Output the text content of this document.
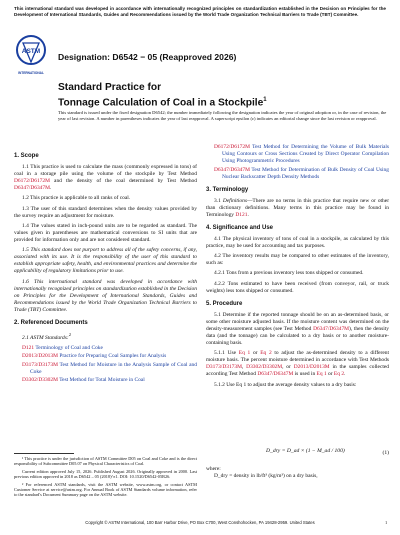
This international standard was developed in accordance with internationally recognized principles on standardization established in the Decision on Principles for the Development of International Standards, Guides and Recommendations issued by the World Trade Organization Technical Barriers to Trade (TBT) Committee.
ASTM
INTERNATIONAL
Designation: D6542 − 05 (Reapproved 2026)
Standard Practice for
Tonnage Calculation of Coal in a Stockpile$^1$
This standard is issued under the fixed designation D6542; the number immediately following the designation indicates the year of original adoption or, in the case of revision, the year of last revision. A number in parentheses indicates the year of last reapproval. A superscript epsilon (ε) indicates an editorial change since the last revision or reapproval.
1. Scope

1.1 This practice is used to calculate the mass (commonly expressed in tons) of coal in a storage pile using the volume of the stockpile by Test Method D6172/D6172M and the density of the coal determined by Test Method D6347/D6347M.

1.2 This practice is applicable to all ranks of coal.

1.3 The user of this standard determines when the density values provided by the survey require an adjustment for moisture.

1.4 The values stated in inch-pound units are to be regarded as standard. The values given in parentheses are mathematical conversions to SI units that are provided for information only and are not considered standard.

1.5 This standard does not purport to address all of the safety concerns, if any, associated with its use. It is the responsibility of the user of this standard to establish appropriate safety, health, and environmental practices and determine the applicability of regulatory limitations prior to use.

1.6 This international standard was developed in accordance with internationally recognized principles on standardization established in the Decision on Principles for the Development of International Standards, Guides and Recommendations issued by the World Trade Organization Technical Barriers to Trade (TBT) Committee.

2. Referenced Documents

2.1 ASTM Standards:$^2$

D121 Terminology of Coal and Coke
D2013/D2013M Practice for Preparing Coal Samples for Analysis
D3173/D3173M Test Method for Moisture in the Analysis Sample of Coal and Coke
D3302/D3302M Test Method for Total Moisture in Coal

¹ This practice is under the jurisdiction of ASTM Committee D05 on Coal and Coke and is the direct responsibility of Subcommittee D05.07 on Physical Characteristics of Coal.

Current edition approved July 15, 2026. Published August 2026. Originally approved in 2000. Last previous edition approved in 2018 as D6542 – 05 (2018)^ε1. DOI: 10.1520/D6542-05R26.

² For referenced ASTM standards, visit the ASTM website, www.astm.org, or contact ASTM Customer Service at service@astm.org. For Annual Book of ASTM Standards volume information, refer to the standard's Document Summary page on the ASTM website.

D6172/D6172M Test Method for Determining the Volume of Bulk Materials Using Contours or Cross Sections Created by Direct Operator Compilation Using Photogrammetric Procedures
D6347/D6347M Test Method for Determination of Bulk Density of Coal Using Nuclear Backscatter Depth Density Methods
3. Terminology

3.1 Definitions—There are no terms in this practice that require new or other than dictionary definitions. Many terms in this practice may be found in Terminology D121.

4. Significance and Use

4.1 The physical inventory of tons of coal in a stockpile, as calculated by this practice, may be used for accounting and tax purposes.

4.2 The inventory results may be compared to other estimates of the inventory, such as:

4.2.1 Tons from a previous inventory less tons shipped or consumed.

4.2.2 Tons estimated to have been received (from conveyor, rail, or truck weights) less tons shipped or consumed.

5. Procedure

5.1 Determine if the reported tonnage should be on an as-determined basis, or some other moisture adjusted basis. If the moisture content was determined on the density-measurement samples (see Test Method D6347/D6347M), then the density data (and the tonnage) can be calculated to a dry basis or to another moisture-containing basis.

5.1.1 Use Eq 1 or Eq 2 to adjust the as-determined density to a different moisture basis. The percent moisture determined in accordance with Test Methods D3173/D3173M, D3302/D3302M, or D2013/D2013M in the samples collected according Test Method D6347/D6347M is used in Eq 1 or Eq 2.

5.1.2 Use Eq 1 to adjust the average density values to a dry basis:

D_dry = D_ad × (1 − M_ad / 100)	(1)
where:
D_dry = density in lb/ft³ (kg/m³) on a dry basis,
Copyright © ASTM International, 100 Barr Harbor Drive, PO Box C700, West Conshohocken, PA 19428-2959. United States	1
